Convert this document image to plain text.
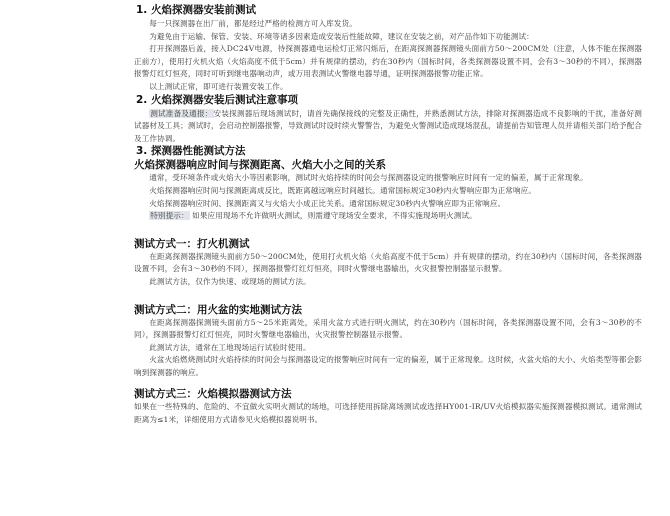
1. 火焰探测器安装前测试
每一只探测器在出厂前，都是经过严格的检测方可入库发货。
为避免由于运输、保管、安装、环境等诸多因素造成安装后性能故障，建议在安装之前，对产品作如下功能测试：
打开探测器后盖，接入DC24V电源，待探测器通电运检灯正常闪烁后，在距离探测器探测镜头面前方50～200CM处（注意，人体不能在探测器正前方），使用打火机火焰（火焰高度不低于5cm）并有规律的摆动，约在30秒内（国标时间，各类探测器设置不同，会有3～30秒的不同），探测器报警灯红灯恒亮，同时可听到继电器响动声，或万用表测试火警继电器导通，证明探测器报警功能正常。
以上测试正常，即可进行装置安装工作。
2. 火焰探测器安装后测试注意事项
测试准备及通报：安装探测器后现场测试时，请首先确保接线的完整及正确性，并熟悉测试方法，排除对探测器造成不良影响的干扰，准备好测试器材及工具；测试时，会启动控制器报警，导致测试时设时续火警警告，为避免火警测试造成现场混乱，请提前告知管理人员并请相关部门给予配合及工作协调。
3. 探测器性能测试方法
火焰探测器响应时间与探测距离、火焰大小之间的关系
通常，受环境条件或火焰大小等因素影响，测试时火焰持续的时间会与探测器设定的报警响应时间有一定的偏差，属于正常现象。
火焰探测器响应时间与探测距离成反比，既距离越远响应时间越长。通常国标规定30秒内火警响应即为正常响应。
火焰探测器响应时间、探测距离又与火焰大小成正比关系。通常国标规定30秒内火警响应即为正常响应。
特别提示： 如果应用现场不允许做明火测试，则需遵守现场安全要求，不得实施现场明火测试。
测试方式一：打火机测试
在距离探测器探测镜头面前方50～200CM处，使用打火机火焰（火焰高度不低于5cm）并有规律的摆动，约在30秒内（国标时间，各类探测器设置不同，会有3～30秒的不同），探测器报警灯红灯恒亮，同时火警继电器输出，火灾报警控制器显示报警。
此测试方法，仅作为快速、或现场的测试方法。
测试方式二：用火盆的实地测试方法
在距离探测器探测镜头面前方5～25米距离处，采用火盆方式进行明火测试，约在30秒内（国标时间，各类探测器设置不同，会有3～30秒的不同），探测器报警灯红灯恒亮，同时火警继电器输出，火灾报警控制器显示报警。
此测试方法，通常在工地现场运行试验时使用。
火盆火焰燃烧测试时火焰持续的时间会与探测器设定的报警响应时间有一定的偏差，属于正常现象。这时候，火盆火焰的大小、火焰类型等都会影响到探测器的响应。
测试方式三：火焰模拟器测试方法
如果在一些特殊的、危险的、不宜做火实明火测试的场地，可选择使用拆除离场测试或选择HY001-IR/UV火焰模拟器实施探测器模拟测试。通常测试距离为≤1米，详细使用方式请参见火焰模拟器说明书。
